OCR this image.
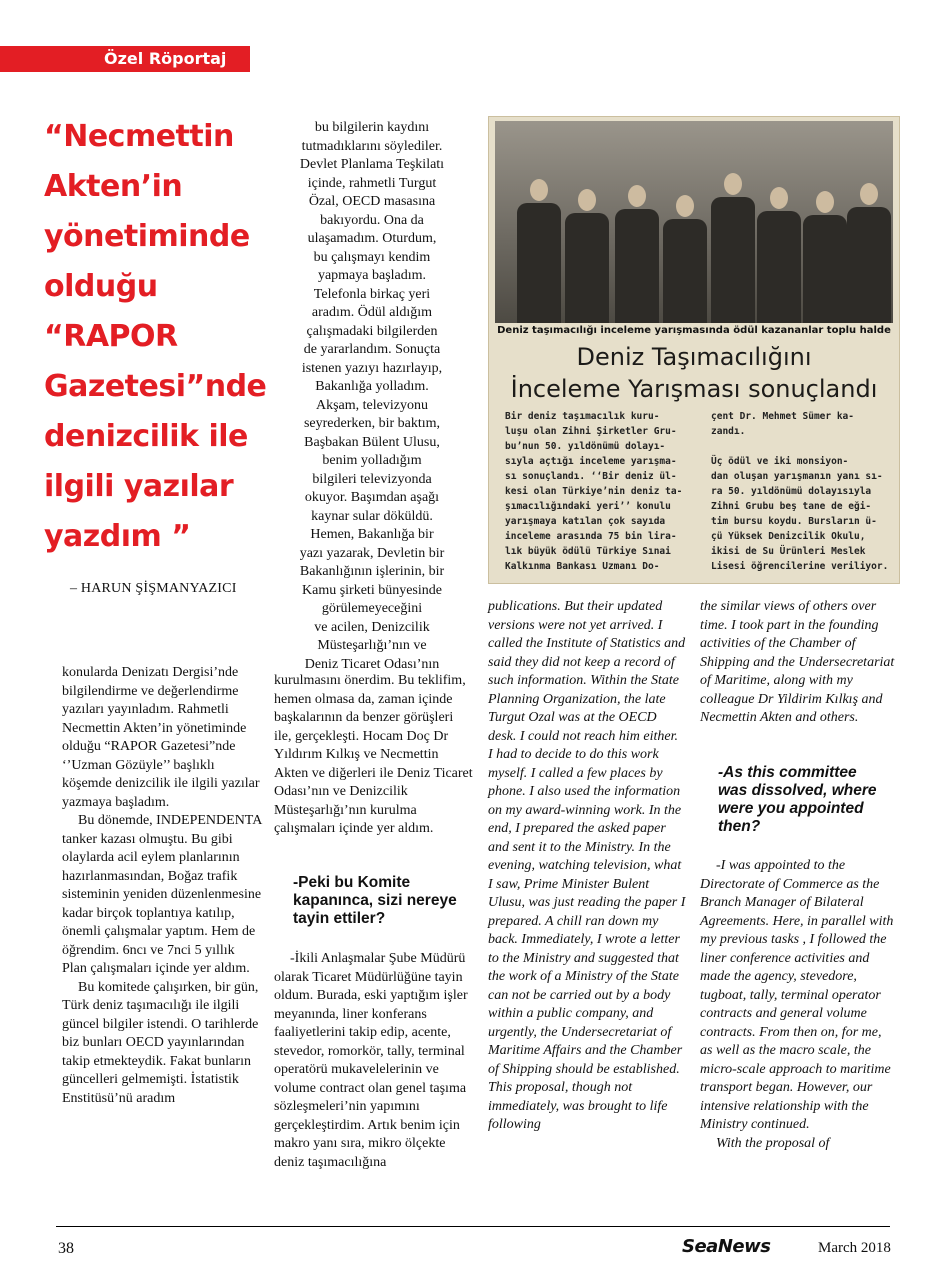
Özel Röportaj
“Necmettin
Akten’in
yönetiminde
olduğu
“RAPOR
Gazetesi”nde
denizcilik ile
ilgili yazılar
yazdım ”
– HARUN ŞİŞMANYAZICI

konularda Denizatı Dergisi’nde bilgilendirme ve değerlendirme yazıları yayınladım. Rahmetli Necmettin Akten’in yönetiminde olduğu “RAPOR Gazetesi”nde ‘’Uzman Gözüyle’’ başlıklı köşemde denizcilik ile ilgili yazılar yazmaya başladım.

Bu dönemde, INDEPENDENTA tanker kazası olmuştu. Bu gibi olaylarda acil eylem planlarının hazırlanmasından, Boğaz trafik sisteminin yeniden düzenlenmesine kadar birçok toplantıya katılıp, önemli çalışmalar yaptım. Hem de öğrendim. 6ncı ve 7nci 5 yıllık Plan çalışmaları içinde yer aldım.

Bu komitede çalışırken, bir gün, Türk deniz taşımacılığı ile ilgili güncel bilgiler istendi. O tarihlerde biz bunları OECD yayınlarından takip etmekteydik. Fakat bunların güncelleri gelmemişti. İstatistik Enstitüsü’nü aradım

bu bilgilerin kaydını
tutmadıklarını söylediler.
Devlet Planlama Teşkilatı
içinde, rahmetli Turgut
Özal, OECD masasına
bakıyordu. Ona da
ulaşamadım. Oturdum,
bu çalışmayı kendim
yapmaya başladım.
Telefonla birkaç yeri
aradım. Ödül aldığım
çalışmadaki bilgilerden
de yararlandım. Sonuçta
istenen yazıyı hazırlayıp,
Bakanlığa yolladım.
Akşam, televizyonu
seyrederken, bir baktım,
Başbakan Bülent Ulusu,
benim yolladığım
bilgileri televizyonda
okuyor. Başımdan aşağı
kaynar sular döküldü.
Hemen, Bakanlığa bir
yazı yazarak, Devletin bir
Bakanlığının işlerinin, bir
Kamu şirketi bünyesinde
görülemeyeceğini
ve acilen, Denizcilik
Müsteşarlığı’nın ve
Deniz Ticaret Odası’nın

kurulmasını önerdim. Bu teklifim, hemen olmasa da, zaman içinde başkalarının da benzer görüşleri ile, gerçekleşti. Hocam Doç Dr Yıldırım Kılkış ve Necmettin Akten ve diğerleri ile Deniz Ticaret Odası’nın ve Denizcilik Müsteşarlığı’nın kurulma çalışmaları içinde yer aldım.

-Peki bu Komite kapanınca, sizi nereye tayin ettiler?

-İkili Anlaşmalar Şube Müdürü olarak Ticaret Müdürlüğüne tayin oldum. Burada, eski yaptığım işler meyanında, liner konferans faaliyetlerini takip edip, acente, stevedor, romorkör, tally, terminal operatörü mukavelelerinin ve volume contract olan genel taşıma sözleşmeleri’nin yapımını gerçekleştirdim. Artık benim için makro yanı sıra, mikro ölçekte deniz taşımacılığına

Deniz taşımacılığı inceleme yarışmasında ödül kazananlar toplu halde
Deniz Taşımacılığını
İnceleme Yarışması sonuçlandı
Bir deniz taşımacılık kuru-
luşu olan Zihni Şirketler Gru-
bu’nun 50. yıldönümü dolayı-
sıyla açtığı inceleme yarışma-
sı sonuçlandı. ‘‘Bir deniz ül-
kesi olan Türkiye’nin deniz ta-
şımacılığındaki yeri’’ konulu
yarışmaya katılan çok sayıda
inceleme arasında 75 bin lira-
lık büyük ödülü Türkiye Sınai
Kalkınma Bankası Uzmanı Do-
çent Dr. Mehmet Sümer ka-
zandı.

Üç ödül ve iki monsiyon-
dan oluşan yarışmanın yanı sı-
ra 50. yıldönümü dolayısıyla
Zihni Grubu beş tane de eği-
tim bursu koydu. Bursların ü-
çü Yüksek Denizcilik Okulu,
ikisi de Su Ürünleri Meslek
Lisesi öğrencilerine veriliyor.

publications. But their updated versions were not yet arrived. I called the Institute of Statistics and said they did not keep a record of such information. Within the State Planning Organization, the late Turgut Ozal was at the OECD desk. I could not reach him either. I had to decide to do this work myself. I called a few places by phone. I also used the information on my award-winning work. In the end, I prepared the asked paper and sent it to the Ministry. In the evening, watching television, what I saw, Prime Minister Bulent Ulusu, was just reading the paper I prepared. A chill ran down my back. Immediately, I wrote a letter to the Ministry and suggested that the work of a Ministry of the State can not be carried out by a body within a public company, and urgently, the Undersecretariat of Maritime Affairs and the Chamber of Shipping should be established. This proposal, though not immediately, was brought to life following

the similar views of others over time. I took part in the founding activities of the Chamber of Shipping and the Undersecretariat of Maritime, along with my colleague Dr Yildirim Kılkış and Necmettin Akten and others.

-As this committee was dissolved, where were you appointed then?

-I was appointed to the Directorate of Commerce as the Branch Manager of Bilateral Agreements. Here, in parallel with my previous tasks , I followed the liner conference activities and made the agency, stevedore, tugboat, tally, terminal operator contracts and general volume contracts. From then on, for me, as well as the macro scale, the micro-scale approach to maritime transport began. However, our intensive relationship with the Ministry continued.

With the proposal of

38	SeaNews	March 2018
